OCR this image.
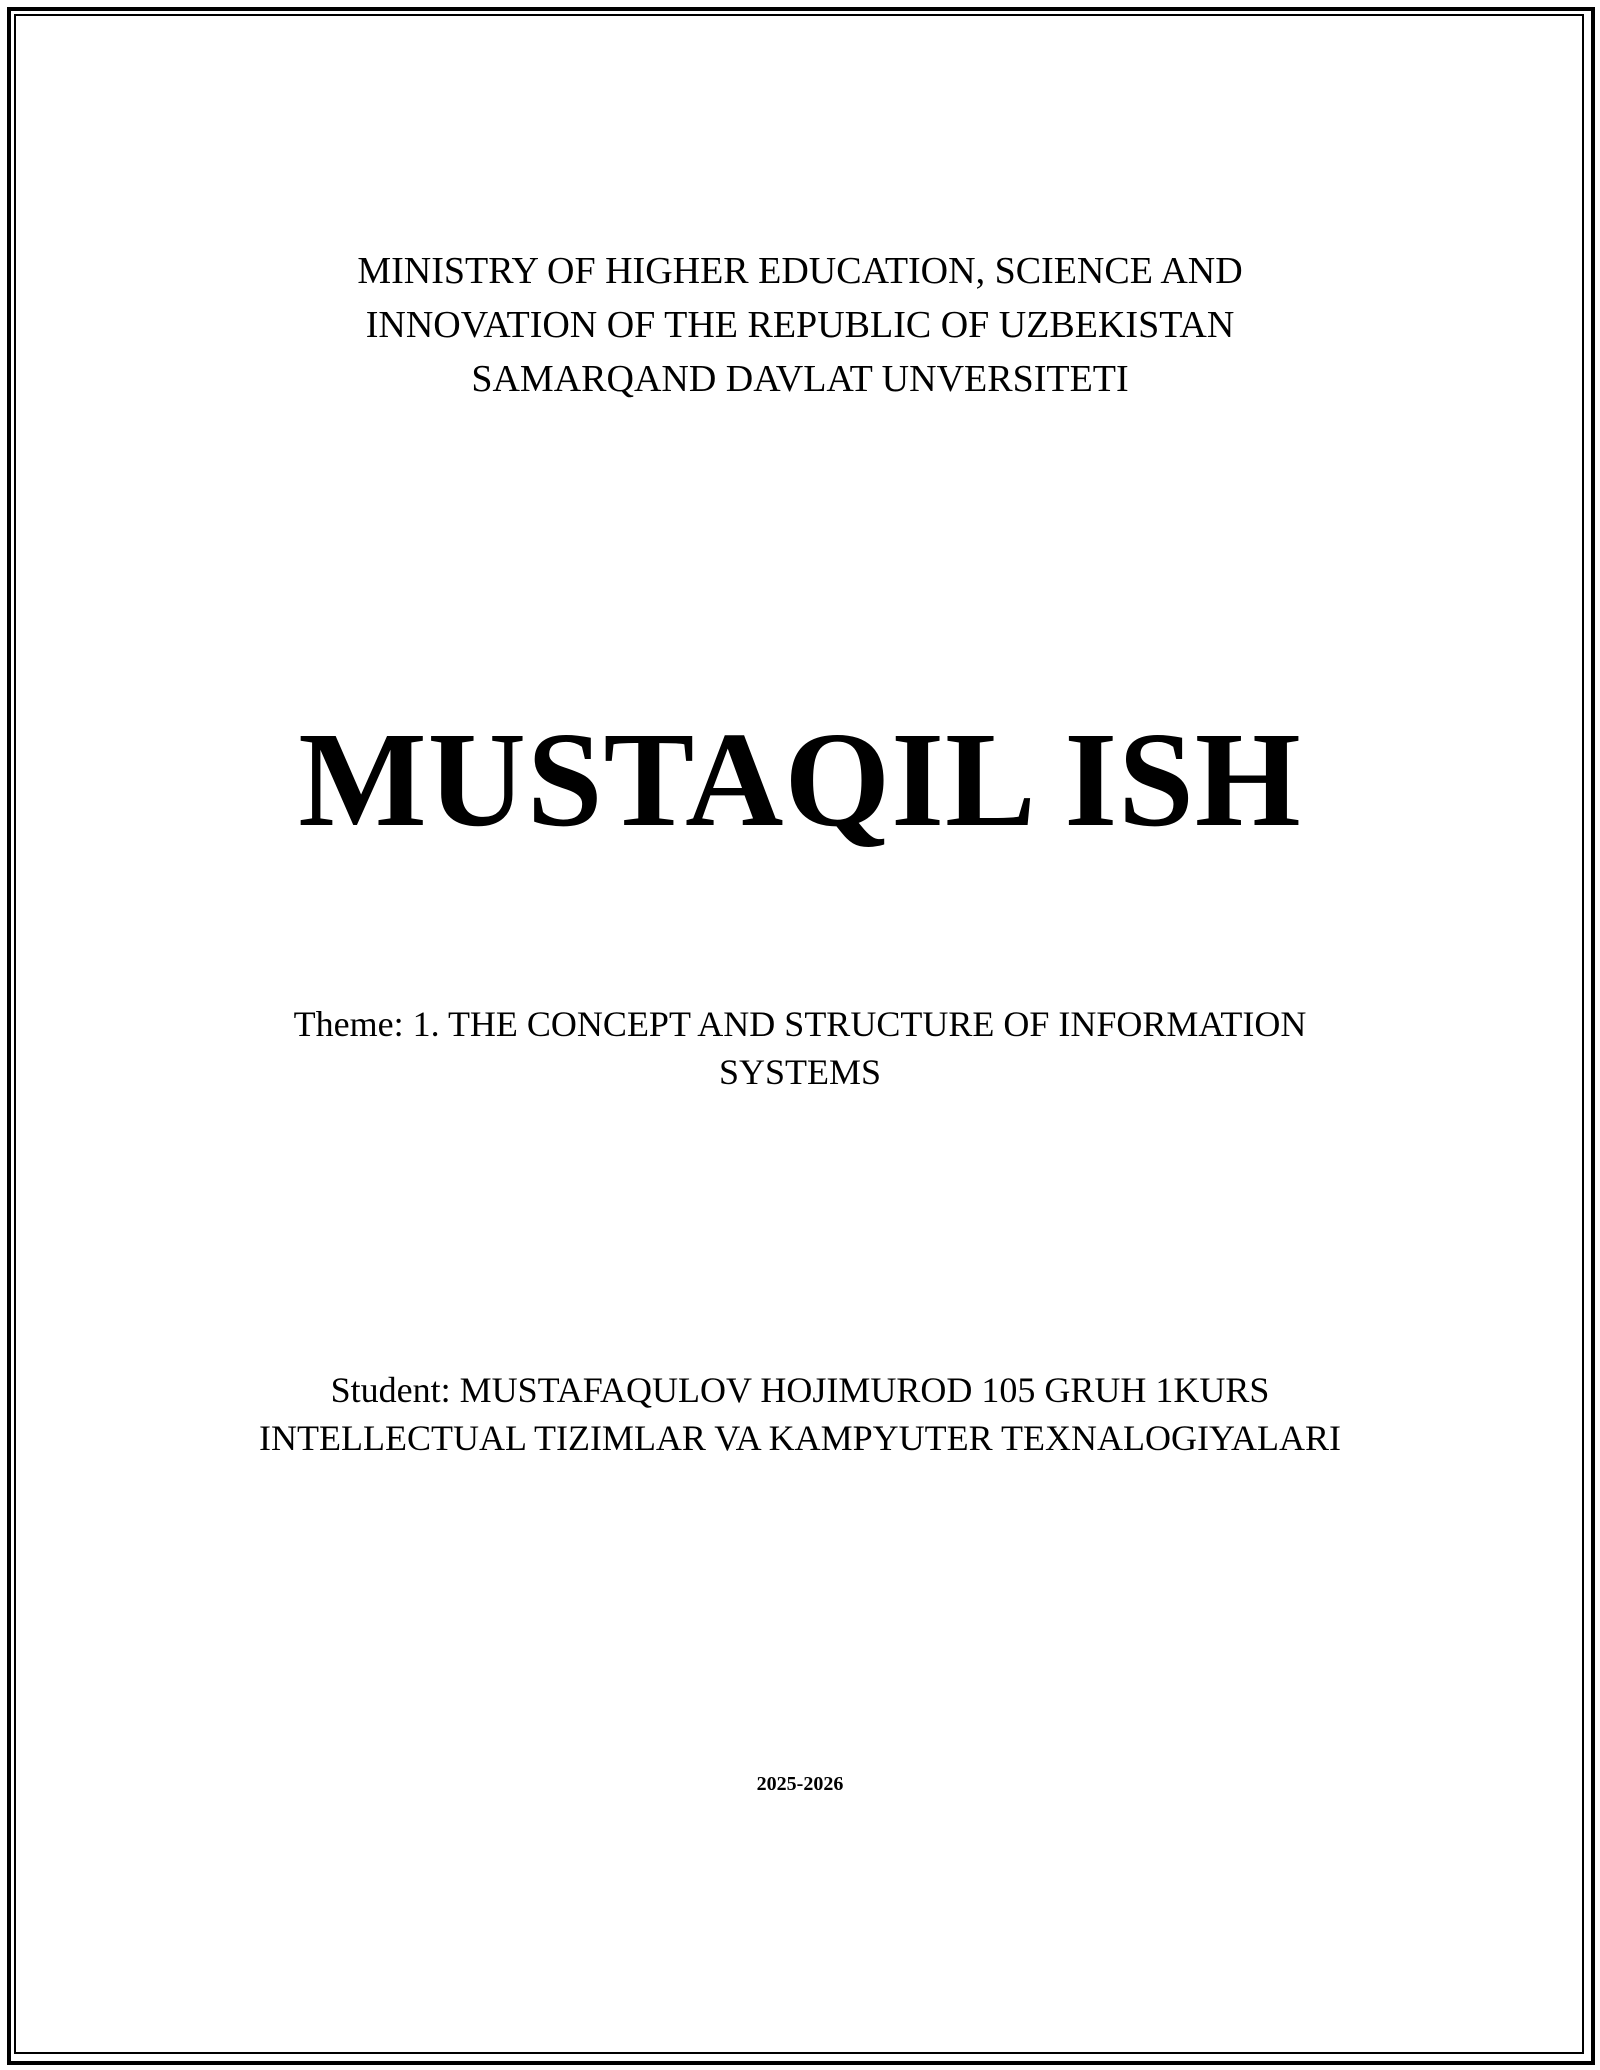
MINISTRY OF HIGHER EDUCATION, SCIENCE AND
INNOVATION OF THE REPUBLIC OF UZBEKISTAN
SAMARQAND DAVLAT UNVERSITETI
MUSTAQIL ISH
Theme: 1. THE CONCEPT AND STRUCTURE OF INFORMATION
SYSTEMS
Student: MUSTAFAQULOV HOJIMUROD 105 GRUH 1KURS
INTELLECTUAL TIZIMLAR VA KAMPYUTER TEXNALOGIYALARI
2025-2026
